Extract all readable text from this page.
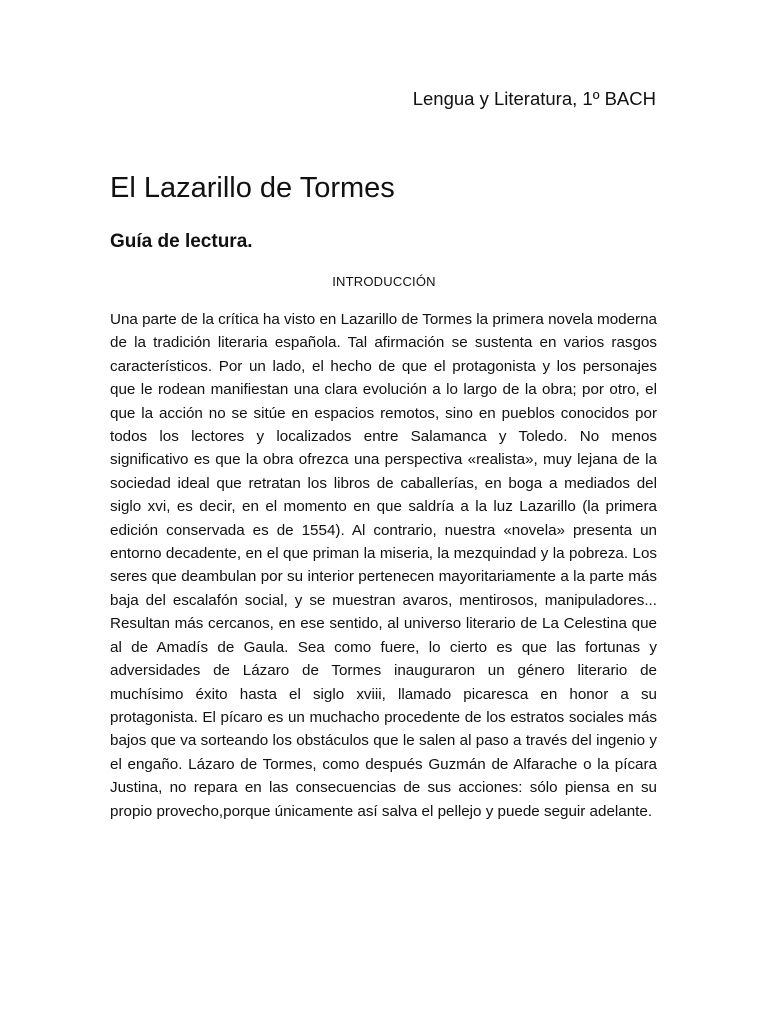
Lengua y Literatura, 1º BACH
El Lazarillo de Tormes
Guía de lectura.
INTRODUCCIÓN

Una parte de la crítica ha visto en Lazarillo de Tormes la primera novela moderna de la tradición literaria española. Tal afirmación se sustenta en varios rasgos característicos. Por un lado, el hecho de que el protagonista y los personajes que le rodean manifiestan una clara evolución a lo largo de la obra; por otro, el que la acción no se sitúe en espacios remotos, sino en pueblos conocidos por todos los lectores y localizados entre Salamanca y Toledo. No menos significativo es que la obra ofrezca una perspectiva «realista», muy lejana de la sociedad ideal que retratan los libros de caballerías, en boga a mediados del siglo xvi, es decir, en el momento en que saldría a la luz Lazarillo (la primera edición conservada es de 1554). Al contrario, nuestra «novela» presenta un entorno decadente, en el que priman la miseria, la mezquindad y la pobreza. Los seres que deambulan por su interior pertenecen mayoritariamente a la parte más baja del escalafón social, y se muestran avaros, mentirosos, manipuladores... Resultan más cercanos, en ese sentido, al universo literario de La Celestina que al de Amadís de Gaula. Sea como fuere, lo cierto es que las fortunas y adversidades de Lázaro de Tormes inauguraron un género literario de muchísimo éxito hasta el siglo xviii, llamado picaresca en honor a su protagonista. El pícaro es un muchacho procedente de los estratos sociales más bajos que va sorteando los obstáculos que le salen al paso a través del ingenio y el engaño. Lázaro de Tormes, como después Guzmán de Alfarache o la pícara Justina, no repara en las consecuencias de sus acciones: sólo piensa en su propio provecho,porque únicamente así salva el pellejo y puede seguir adelante.
